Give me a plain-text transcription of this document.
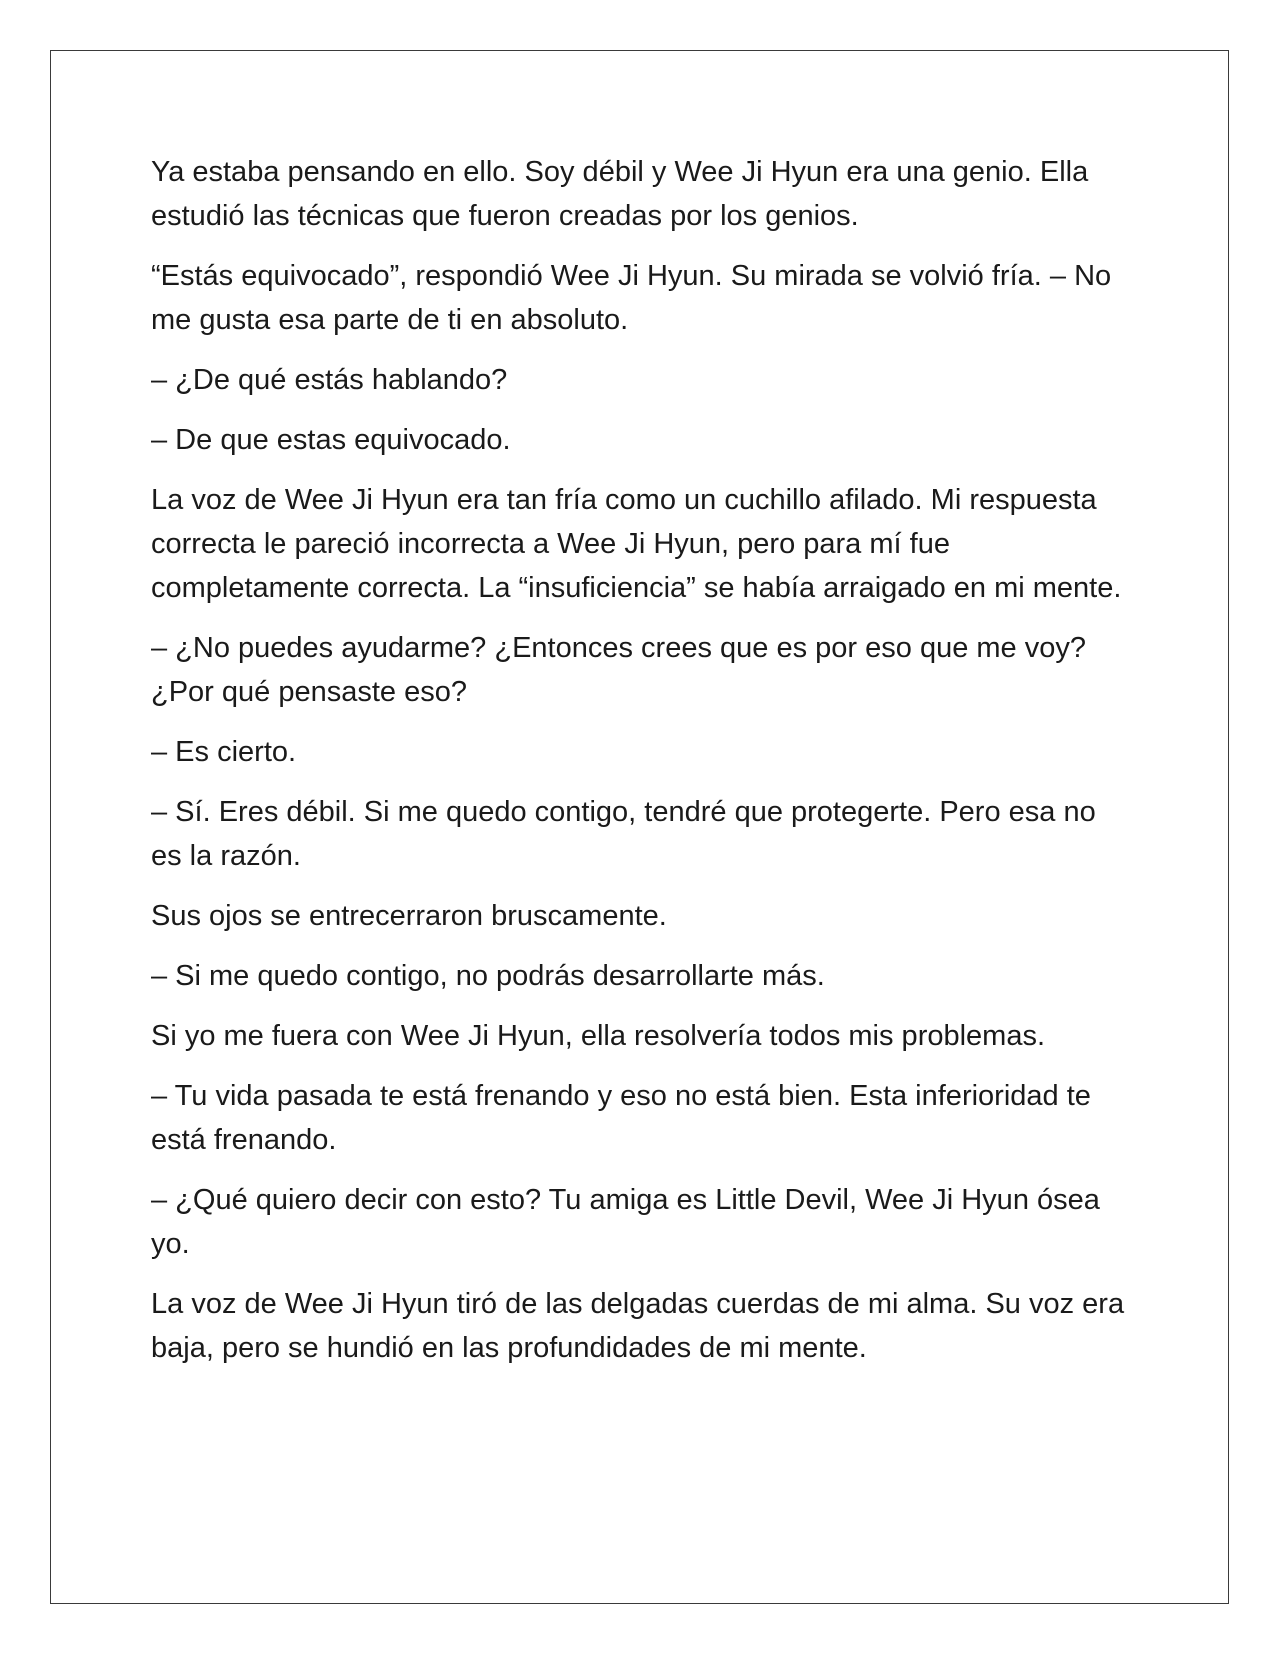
Ya estaba pensando en ello. Soy débil y Wee Ji Hyun era una genio. Ella estudió las técnicas que fueron creadas por los genios.

“Estás equivocado”, respondió Wee Ji Hyun. Su mirada se volvió fría. – No me gusta esa parte de ti en absoluto.

– ¿De qué estás hablando?

– De que estas equivocado.

La voz de Wee Ji Hyun era tan fría como un cuchillo afilado. Mi respuesta correcta le pareció incorrecta a Wee Ji Hyun, pero para mí fue completamente correcta. La “insuficiencia” se había arraigado en mi mente.

– ¿No puedes ayudarme? ¿Entonces crees que es por eso que me voy? ¿Por qué pensaste eso?

– Es cierto.

– Sí. Eres débil. Si me quedo contigo, tendré que protegerte. Pero esa no es la razón.

Sus ojos se entrecerraron bruscamente.

– Si me quedo contigo, no podrás desarrollarte más.

Si yo me fuera con Wee Ji Hyun, ella resolvería todos mis problemas.

– Tu vida pasada te está frenando y eso no está bien. Esta inferioridad te está frenando.

– ¿Qué quiero decir con esto? Tu amiga es Little Devil, Wee Ji Hyun ósea yo.

La voz de Wee Ji Hyun tiró de las delgadas cuerdas de mi alma. Su voz era baja, pero se hundió en las profundidades de mi mente.
